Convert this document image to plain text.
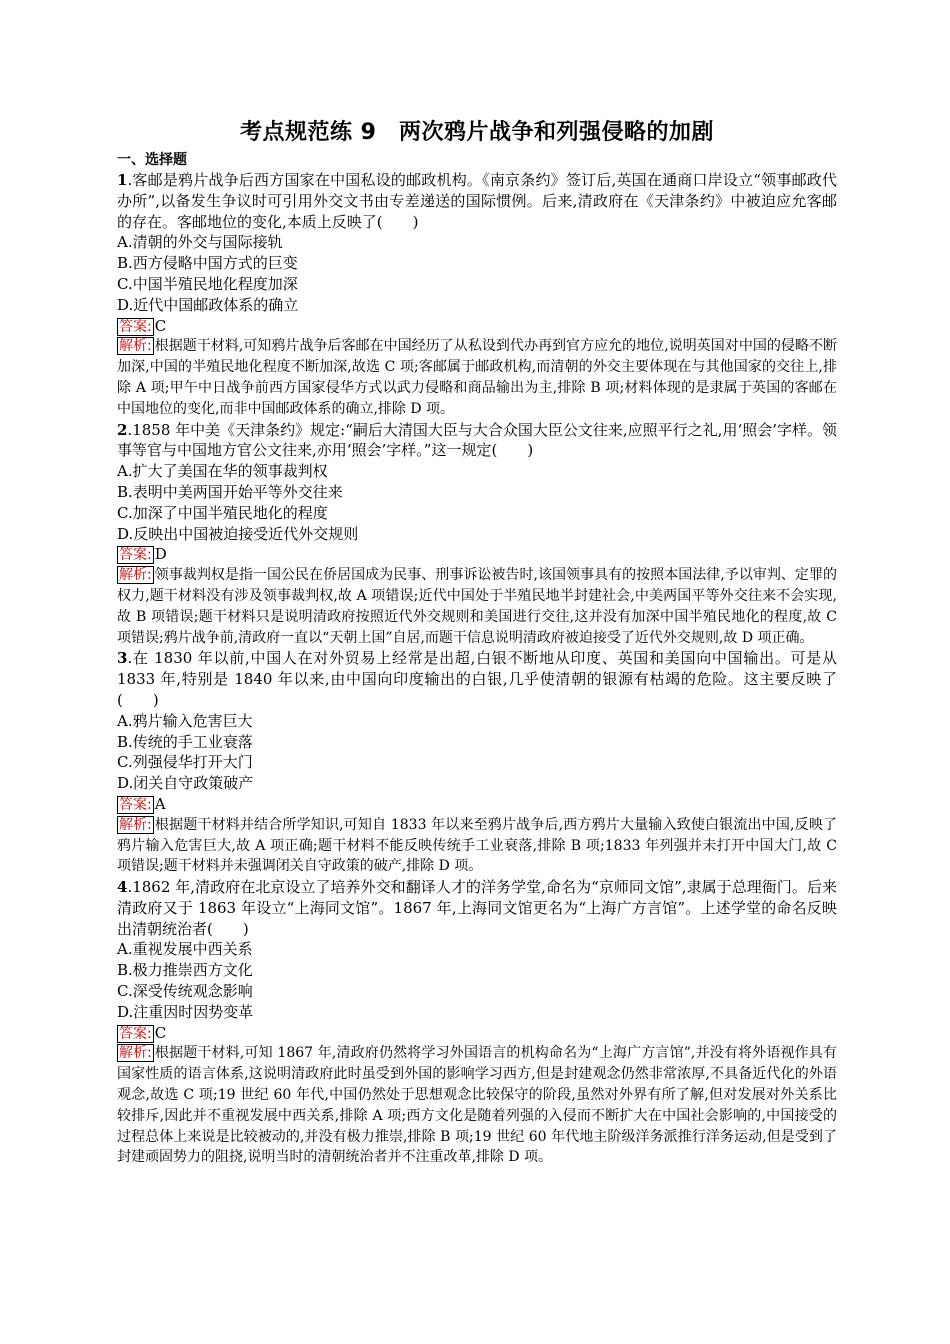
考点规范练 9　两次鸦片战争和列强侵略的加剧
一、选择题
1.客邮是鸦片战争后西方国家在中国私设的邮政机构。《南京条约》签订后,英国在通商口岸设立“领事邮政代办所”,以备发生争议时可引用外交文书由专差递送的国际惯例。后来,清政府在《天津条约》中被迫应允客邮的存在。客邮地位的变化,本质上反映了(　　)
A.清朝的外交与国际接轨
B.西方侵略中国方式的巨变
C.中国半殖民地化程度加深
D.近代中国邮政体系的确立
答案: C
解析: 根据题干材料,可知鸦片战争后客邮在中国经历了从私设到代办再到官方应允的地位,说明英国对中国的侵略不断加深,中国的半殖民地化程度不断加深,故选 C 项;客邮属于邮政机构,而清朝的外交主要体现在与其他国家的交往上,排除 A 项;甲午中日战争前西方国家侵华方式以武力侵略和商品输出为主,排除 B 项;材料体现的是隶属于英国的客邮在中国地位的变化,而非中国邮政体系的确立,排除 D 项。
2.1858 年中美《天津条约》规定:“嗣后大清国大臣与大合众国大臣公文往来,应照平行之礼,用‘照会’字样。领事等官与中国地方官公文往来,亦用‘照会’字样。”这一规定(　　)
A.扩大了美国在华的领事裁判权
B.表明中美两国开始平等外交往来
C.加深了中国半殖民地化的程度
D.反映出中国被迫接受近代外交规则
答案: D
解析: 领事裁判权是指一国公民在侨居国成为民事、刑事诉讼被告时,该国领事具有的按照本国法律,予以审判、定罪的权力,题干材料没有涉及领事裁判权,故 A 项错误;近代中国处于半殖民地半封建社会,中美两国平等外交往来不会实现,故 B 项错误;题干材料只是说明清政府按照近代外交规则和美国进行交往,这并没有加深中国半殖民地化的程度,故 C 项错误;鸦片战争前,清政府一直以“天朝上国”自居,而题干信息说明清政府被迫接受了近代外交规则,故 D 项正确。
3.在 1830 年以前,中国人在对外贸易上经常是出超,白银不断地从印度、英国和美国向中国输出。可是从 1833 年,特别是 1840 年以来,由中国向印度输出的白银,几乎使清朝的银源有枯竭的危险。这主要反映了(　　)
A.鸦片输入危害巨大
B.传统的手工业衰落
C.列强侵华打开大门
D.闭关自守政策破产
答案: A
解析: 根据题干材料并结合所学知识,可知自 1833 年以来至鸦片战争后,西方鸦片大量输入致使白银流出中国,反映了鸦片输入危害巨大,故 A 项正确;题干材料不能反映传统手工业衰落,排除 B 项;1833 年列强并未打开中国大门,故 C 项错误;题干材料并未强调闭关自守政策的破产,排除 D 项。
4.1862 年,清政府在北京设立了培养外交和翻译人才的洋务学堂,命名为“京师同文馆”,隶属于总理衙门。后来清政府又于 1863 年设立“上海同文馆”。1867 年,上海同文馆更名为“上海广方言馆”。上述学堂的命名反映出清朝统治者(　　)
A.重视发展中西关系
B.极力推崇西方文化
C.深受传统观念影响
D.注重因时因势变革
答案: C
解析: 根据题干材料,可知 1867 年,清政府仍然将学习外国语言的机构命名为“上海广方言馆”,并没有将外语视作具有国家性质的语言体系,这说明清政府此时虽受到外国的影响学习西方,但是封建观念仍然非常浓厚,不具备近代化的外语观念,故选 C 项;19 世纪 60 年代,中国仍然处于思想观念比较保守的阶段,虽然对外界有所了解,但对发展对外关系比较排斥,因此并不重视发展中西关系,排除 A 项;西方文化是随着列强的入侵而不断扩大在中国社会影响的,中国接受的过程总体上来说是比较被动的,并没有极力推崇,排除 B 项;19 世纪 60 年代地主阶级洋务派推行洋务运动,但是受到了封建顽固势力的阻挠,说明当时的清朝统治者并不注重改革,排除 D 项。
